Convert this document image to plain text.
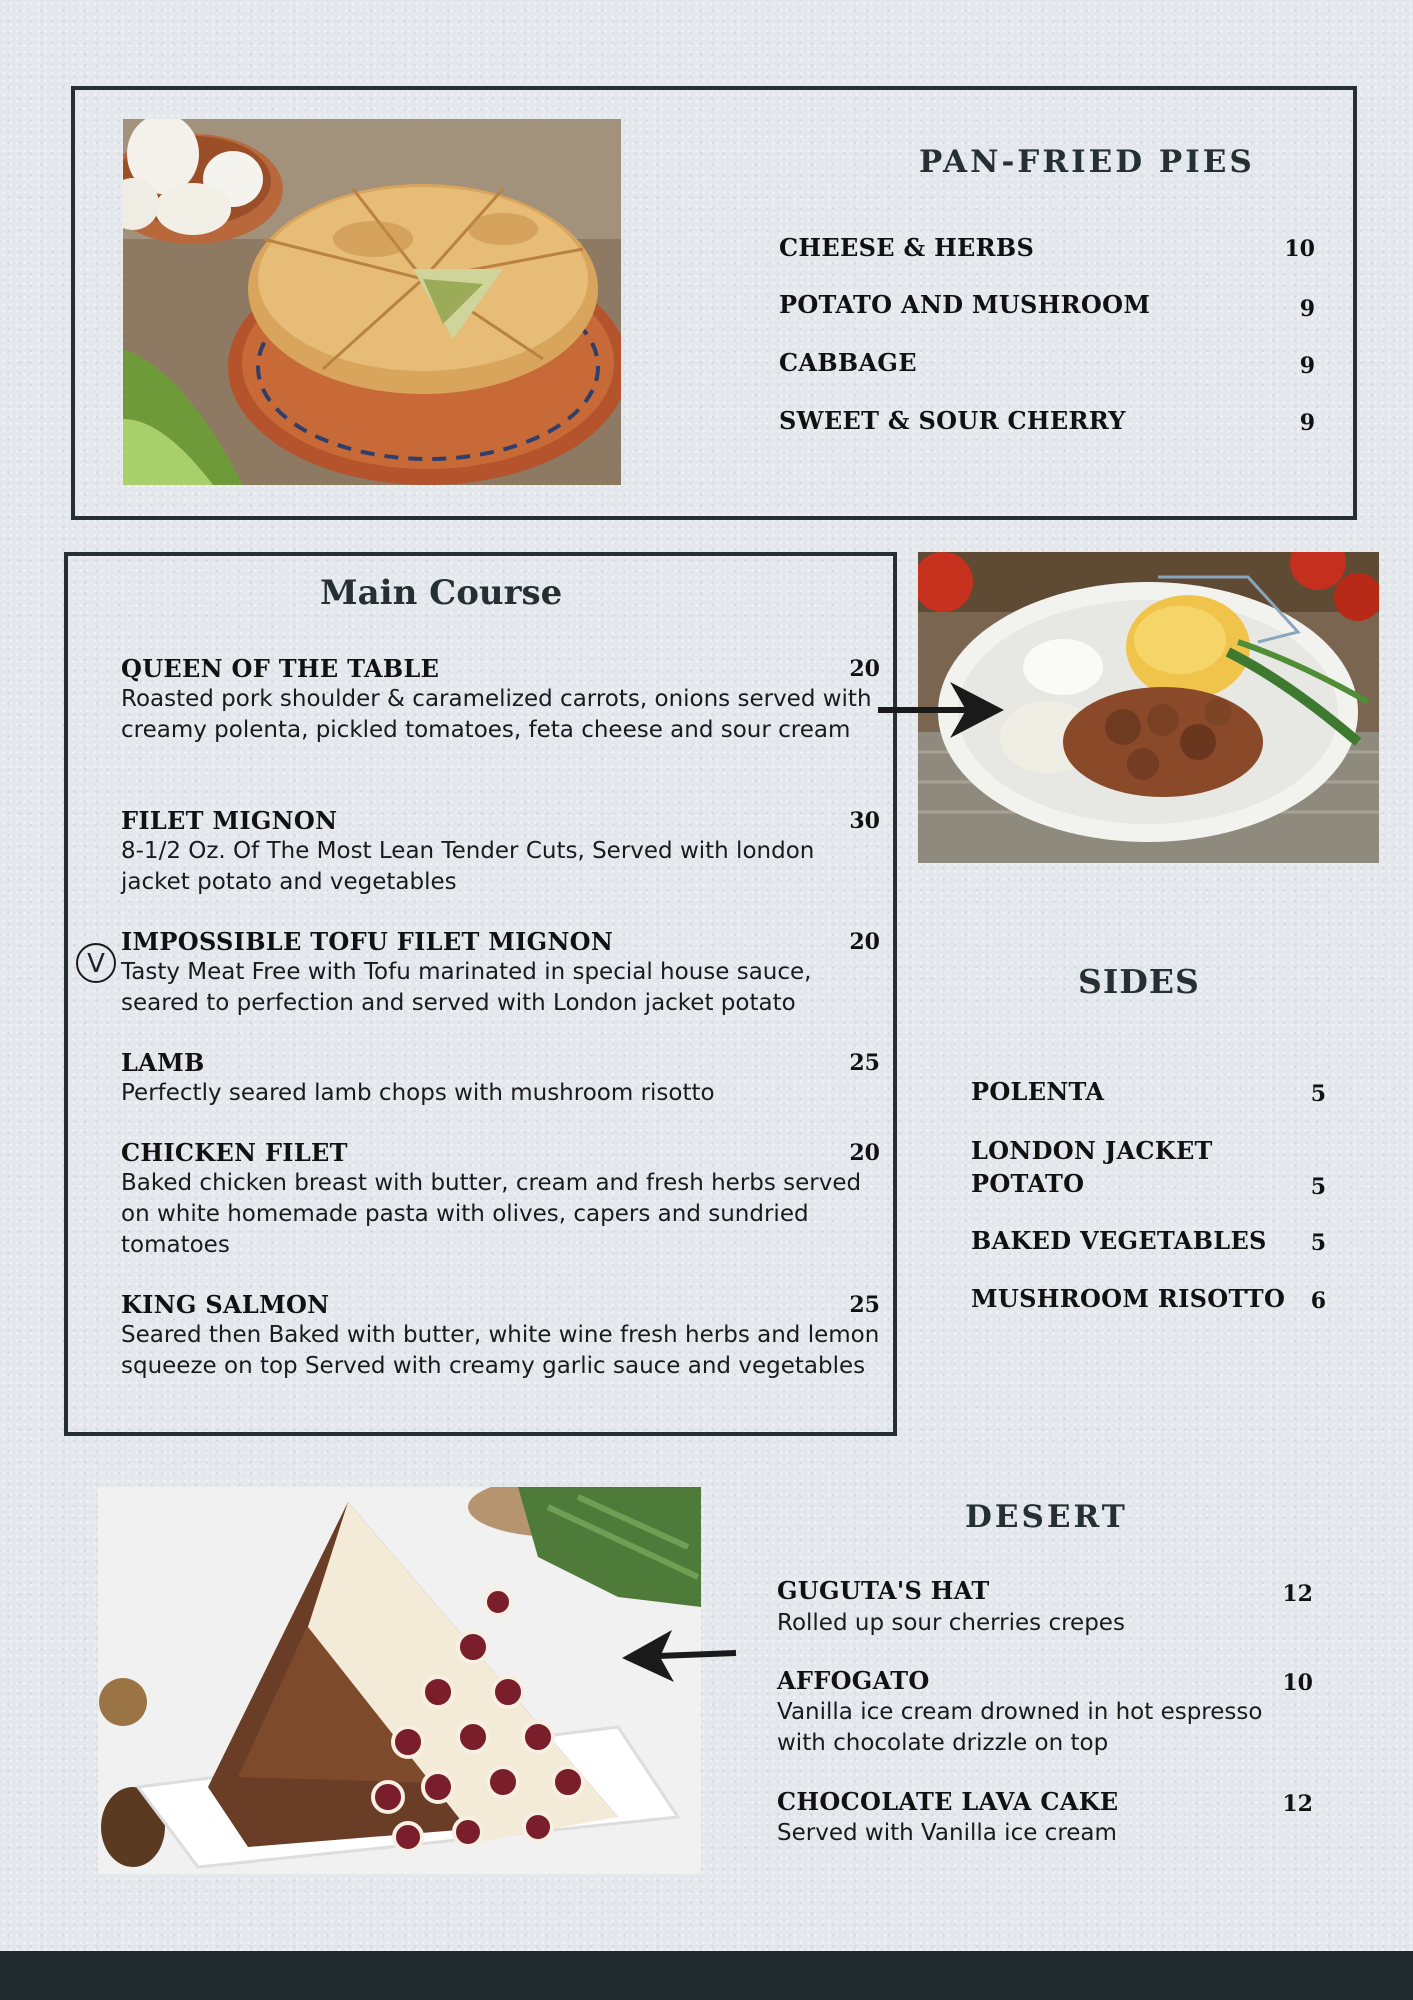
PAN-FRIED PIES

CHEESE & HERBS	10

POTATO AND MUSHROOM	9

CABBAGE	9

SWEET & SOUR CHERRY	9

Main Course

QUEEN OF THE TABLE	20

Roasted pork shoulder & caramelized carrots, onions served with creamy polenta, pickled tomatoes, feta cheese and sour cream

FILET MIGNON	30

8-1/2 Oz. Of The Most Lean Tender Cuts, Served with london jacket potato and vegetables

V

IMPOSSIBLE TOFU FILET MIGNON	20

Tasty Meat Free with Tofu marinated in special house sauce, seared to perfection and served with London jacket potato

LAMB	25

Perfectly seared lamb chops with mushroom risotto

CHICKEN FILET	20

Baked chicken breast with butter, cream and fresh herbs served on white homemade pasta with olives, capers and sundried tomatoes

KING SALMON	25

Seared then Baked with butter, white wine fresh herbs and lemon squeeze on top Served with creamy garlic sauce and vegetables

SIDES

POLENTA	5

LONDON JACKET POTATO	5

BAKED VEGETABLES	5

MUSHROOM RISOTTO	6

DESERT

GUGUTA'S HAT	12

Rolled up sour cherries crepes

AFFOGATO	10

Vanilla ice cream drowned in hot espresso with chocolate drizzle on top

CHOCOLATE LAVA CAKE	12

Served with Vanilla ice cream
